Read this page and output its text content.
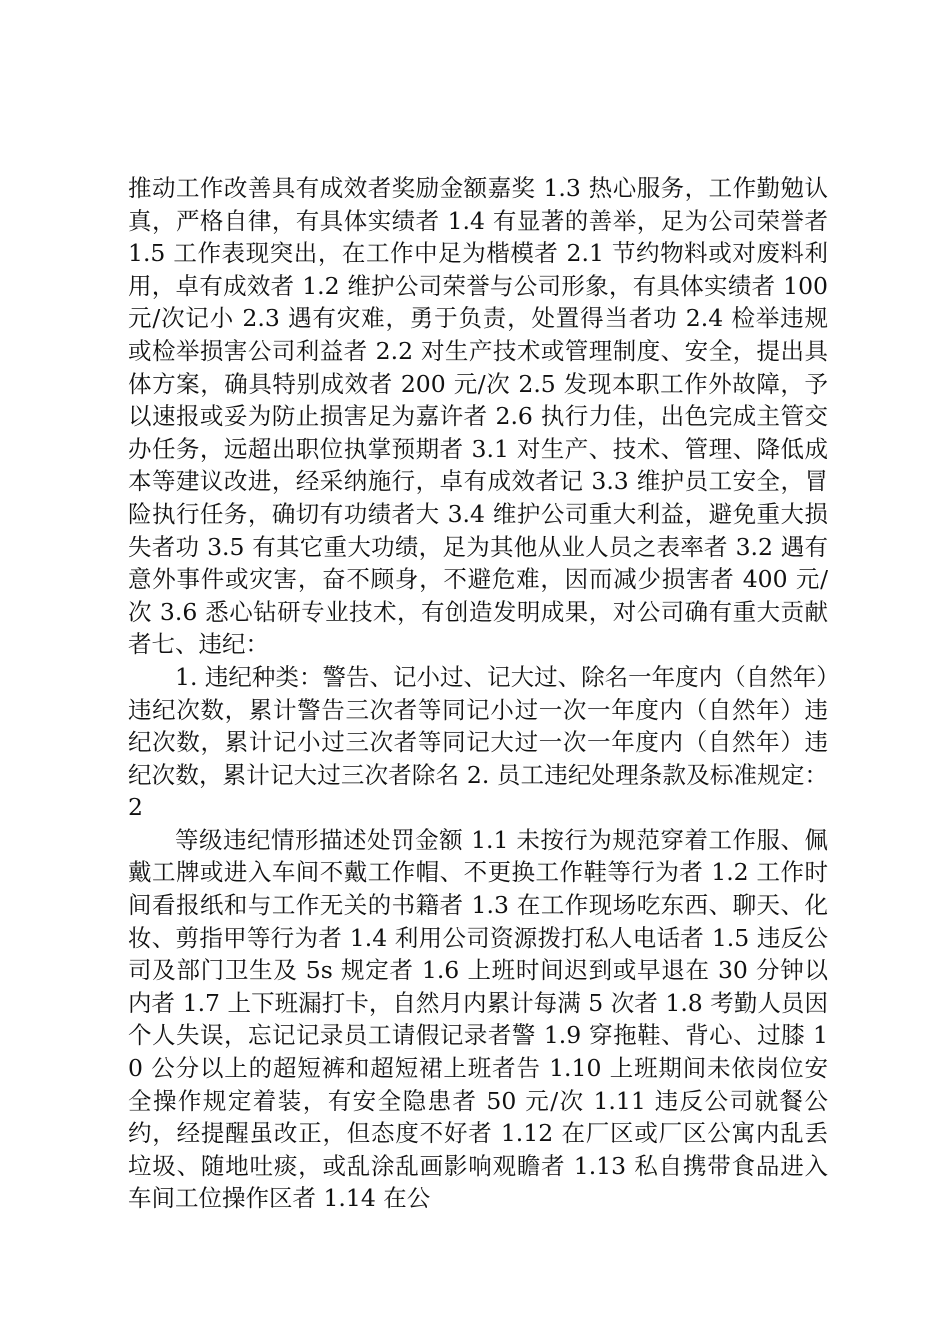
推动工作改善具有成效者奖励金额嘉奖 1.3 热心服务，工作勤勉认真，严格自律，有具体实绩者 1.4 有显著的善举，足为公司荣誉者 1.5 工作表现突出，在工作中足为楷模者 2.1 节约物料或对废料利用，卓有成效者 1.2 维护公司荣誉与公司形象，有具体实绩者 100 元/次记小 2.3 遇有灾难，勇于负责，处置得当者功 2.4 检举违规或检举损害公司利益者 2.2 对生产技术或管理制度、安全，提出具体方案，确具特别成效者 200 元/次 2.5 发现本职工作外故障，予以速报或妥为防止损害足为嘉许者 2.6 执行力佳，出色完成主管交办任务，远超出职位执掌预期者 3.1 对生产、技术、管理、降低成本等建议改进，经采纳施行，卓有成效者记 3.3 维护员工安全，冒险执行任务，确切有功绩者大 3.4 维护公司重大利益，避免重大损失者功 3.5 有其它重大功绩，足为其他从业人员之表率者 3.2 遇有意外事件或灾害，奋不顾身，不避危难，因而减少损害者 400 元/次 3.6 悉心钻研专业技术，有创造发明成果，对公司确有重大贡献者七、违纪：

1. 违纪种类：警告、记小过、记大过、除名一年度内（自然年）违纪次数，累计警告三次者等同记小过一次一年度内（自然年）违纪次数，累计记小过三次者等同记大过一次一年度内（自然年）违纪次数，累计记大过三次者除名 2. 员工违纪处理条款及标准规定：2

等级违纪情形描述处罚金额 1.1 未按行为规范穿着工作服、佩戴工牌或进入车间不戴工作帽、不更换工作鞋等行为者 1.2 工作时间看报纸和与工作无关的书籍者 1.3 在工作现场吃东西、聊天、化妆、剪指甲等行为者 1.4 利用公司资源拨打私人电话者 1.5 违反公司及部门卫生及 5s 规定者 1.6 上班时间迟到或早退在 30 分钟以内者 1.7 上下班漏打卡，自然月内累计每满 5 次者 1.8 考勤人员因个人失误，忘记记录员工请假记录者警 1.9 穿拖鞋、背心、过膝 10 公分以上的超短裤和超短裙上班者告 1.10 上班期间未依岗位安全操作规定着装，有安全隐患者 50 元/次 1.11 违反公司就餐公约，经提醒虽改正，但态度不好者 1.12 在厂区或厂区公寓内乱丢垃圾、随地吐痰，或乱涂乱画影响观瞻者 1.13 私自携带食品进入车间工位操作区者 1.14 在公
